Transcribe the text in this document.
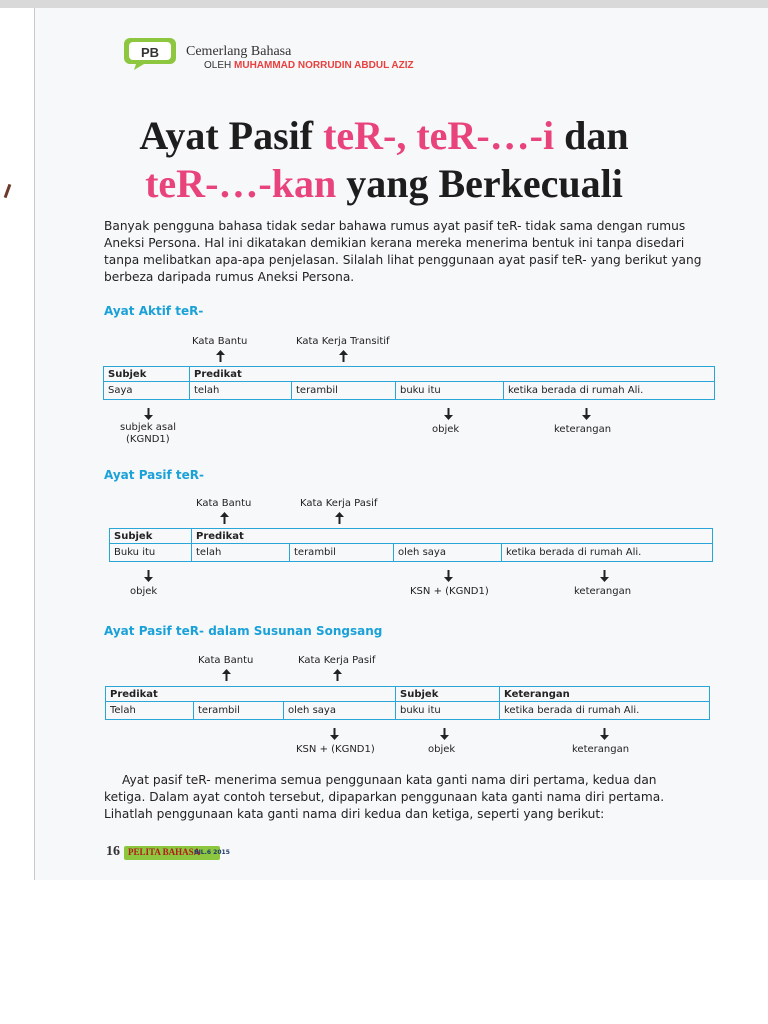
PB Cemerlang Bahasa
OLEH MUHAMMAD NORRUDIN ABDUL AZIZ
Ayat Pasif teR-, teR-…-i dan
teR-…-kan yang Berkecuali

Banyak pengguna bahasa tidak sedar bahawa rumus ayat pasif teR- tidak sama dengan rumus Aneksi Persona. Hal ini dikatakan demikian kerana mereka menerima bentuk ini tanpa disedari tanpa melibatkan apa-apa penjelasan. Silalah lihat penggunaan ayat pasif teR- yang berikut yang berbeza daripada rumus Aneksi Persona.

Ayat Aktif teR-
Kata Bantu	Kata Kerja Transitif
Subjek	Predikat			
Saya	telah	terambil	buku itu	ketika berada di rumah Ali.
subjek asal
(KGND1)
objek	keterangan
Ayat Pasif teR-
Kata Bantu	Kata Kerja Pasif
Subjek	Predikat			
Buku itu	telah	terambil	oleh saya	ketika berada di rumah Ali.
objek	KSN + (KGND1)	keterangan
Ayat Pasif teR- dalam Susunan Songsang
Kata Bantu	Kata Kerja Pasif
Predikat			Subjek	Keterangan
Telah	terambil	oleh saya	buku itu	ketika berada di rumah Ali.
KSN + (KGND1)	objek	keterangan

Ayat pasif teR- menerima semua penggunaan kata ganti nama diri pertama, kedua dan ketiga. Dalam ayat contoh tersebut, dipaparkan penggunaan kata ganti nama diri pertama. Lihatlah penggunaan kata ganti nama diri kedua dan ketiga, seperti yang berikut:

16 PELITA BAHASA
BIL.6 2015
